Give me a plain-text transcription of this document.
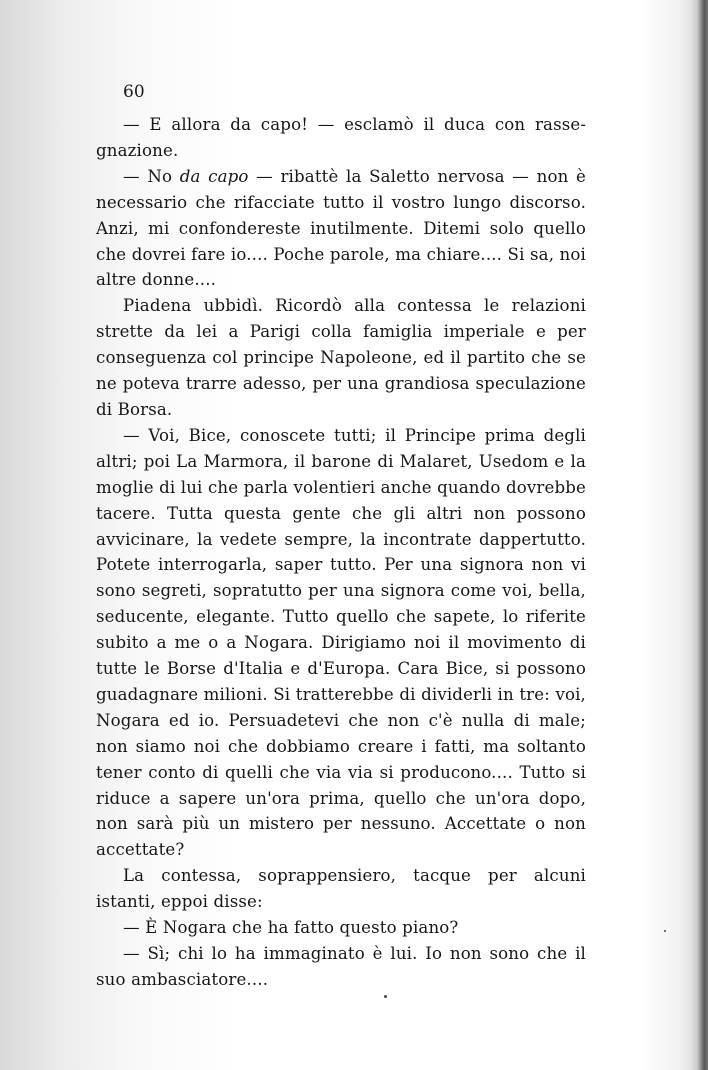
60

— E allora da capo! — esclamò il duca con rassegnazione.

— No da capo — ribattè la Saletto nervosa — non è necessario che rifacciate tutto il vostro lungo discorso. Anzi, mi confondereste inutilmente. Ditemi solo quello che dovrei fare io.... Poche parole, ma chiare.... Si sa, noi altre donne....

Piadena ubbidì. Ricordò alla contessa le relazioni strette da lei a Parigi colla famiglia imperiale e per conseguenza col principe Napoleone, ed il partito che se ne poteva trarre adesso, per una grandiosa speculazione di Borsa.

— Voi, Bice, conoscete tutti; il Principe prima degli altri; poi La Marmora, il barone di Malaret, Usedom e la moglie di lui che parla volentieri anche quando dovrebbe tacere. Tutta questa gente che gli altri non possono avvicinare, la vedete sempre, la incontrate dappertutto. Potete interrogarla, saper tutto. Per una signora non vi sono segreti, sopratutto per una signora come voi, bella, seducente, elegante. Tutto quello che sapete, lo riferite subito a me o a Nogara. Dirigiamo noi il movimento di tutte le Borse d'Italia e d'Europa. Cara Bice, si possono guadagnare milioni. Si tratterebbe di dividerli in tre: voi, Nogara ed io. Persuadetevi che non c'è nulla di male; non siamo noi che dobbiamo creare i fatti, ma soltanto tener conto di quelli che via via si producono.... Tutto si riduce a sapere un'ora prima, quello che un'ora dopo, non sarà più un mistero per nessuno. Accettate o non accettate?

La contessa, soprappensiero, tacque per alcuni istanti, eppoi disse:

— È Nogara che ha fatto questo piano?

— Sì; chi lo ha immaginato è lui. Io non sono che il suo ambasciatore....
